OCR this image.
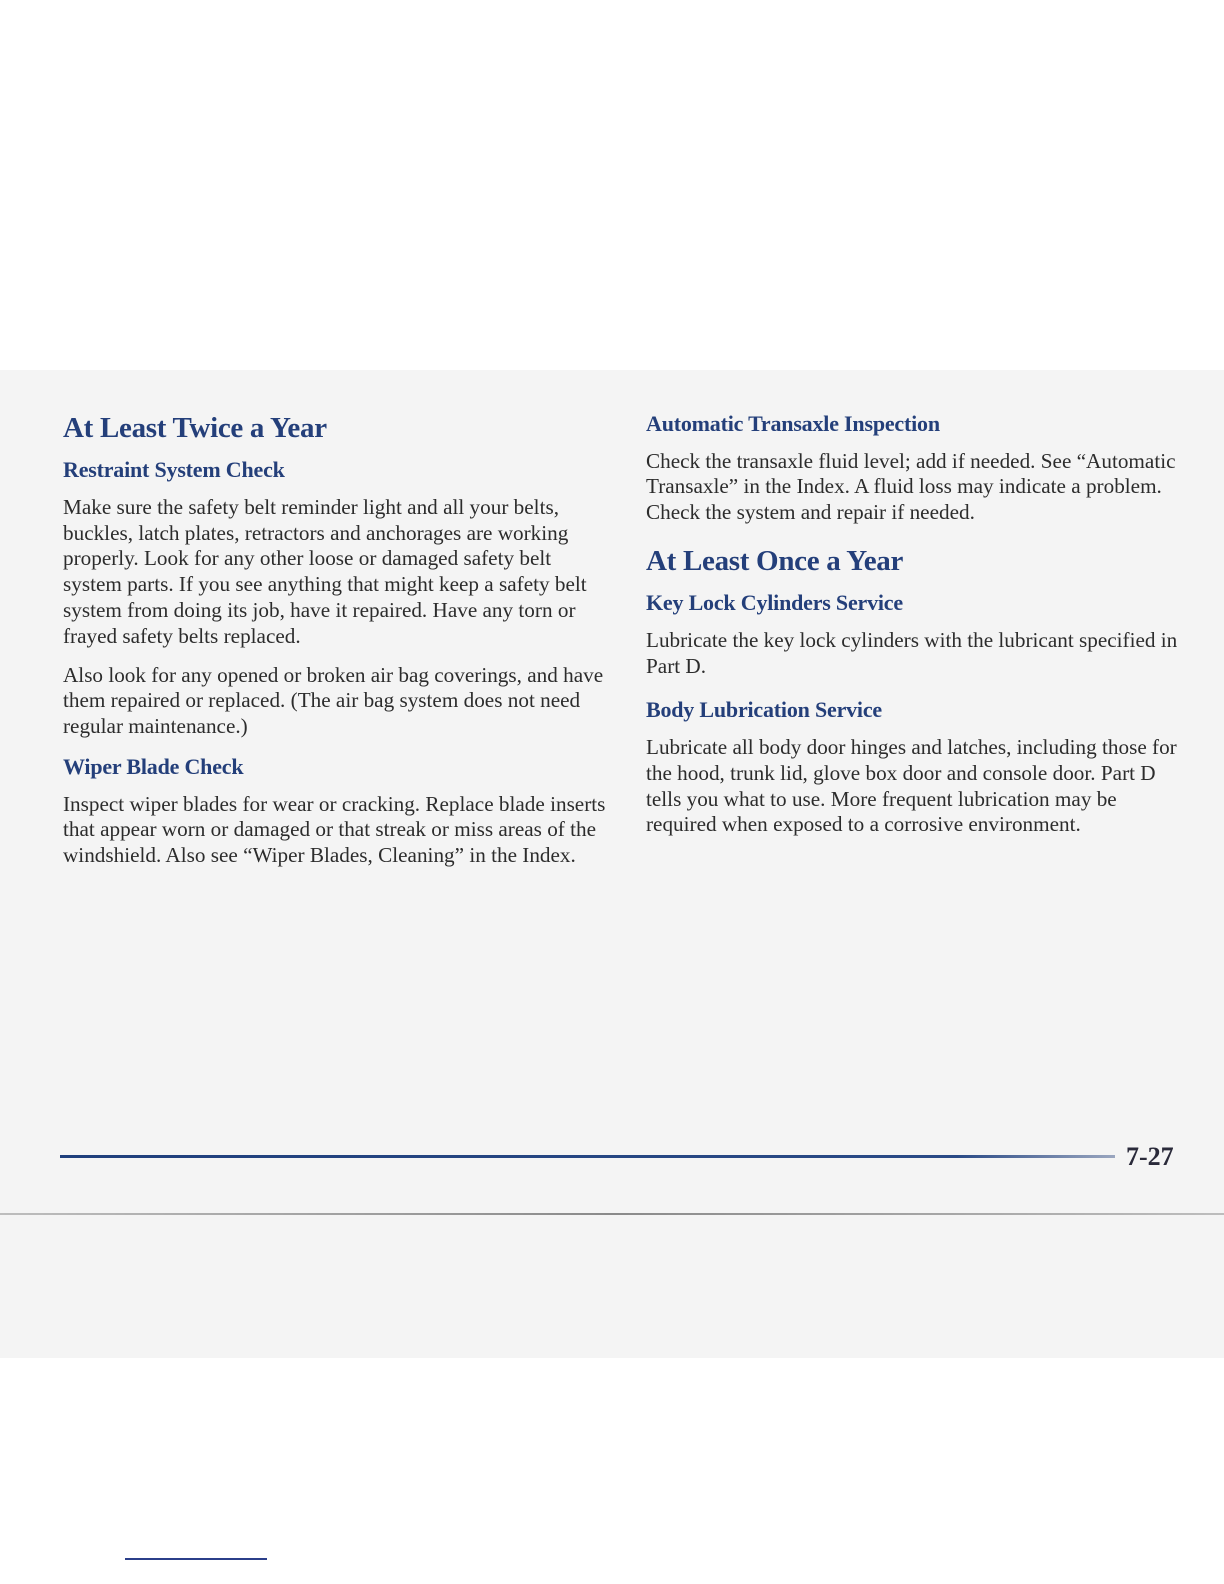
At Least Twice a Year
Restraint System Check

Make sure the safety belt reminder light and all your belts, buckles, latch plates, retractors and anchorages are working properly. Look for any other loose or damaged safety belt system parts. If you see anything that might keep a safety belt system from doing its job, have it repaired. Have any torn or frayed safety belts replaced.

Also look for any opened or broken air bag coverings, and have them repaired or replaced. (The air bag system does not need regular maintenance.)

Wiper Blade Check

Inspect wiper blades for wear or cracking. Replace blade inserts that appear worn or damaged or that streak or miss areas of the windshield. Also see “Wiper Blades, Cleaning” in the Index.

Automatic Transaxle Inspection

Check the transaxle fluid level; add if needed. See “Automatic Transaxle” in the Index. A fluid loss may indicate a problem. Check the system and repair if needed.

At Least Once a Year
Key Lock Cylinders Service

Lubricate the key lock cylinders with the lubricant specified in Part D.

Body Lubrication Service

Lubricate all body door hinges and latches, including those for the hood, trunk lid, glove box door and console door. Part D tells you what to use. More frequent lubrication may be required when exposed to a corrosive environment.

7-27
